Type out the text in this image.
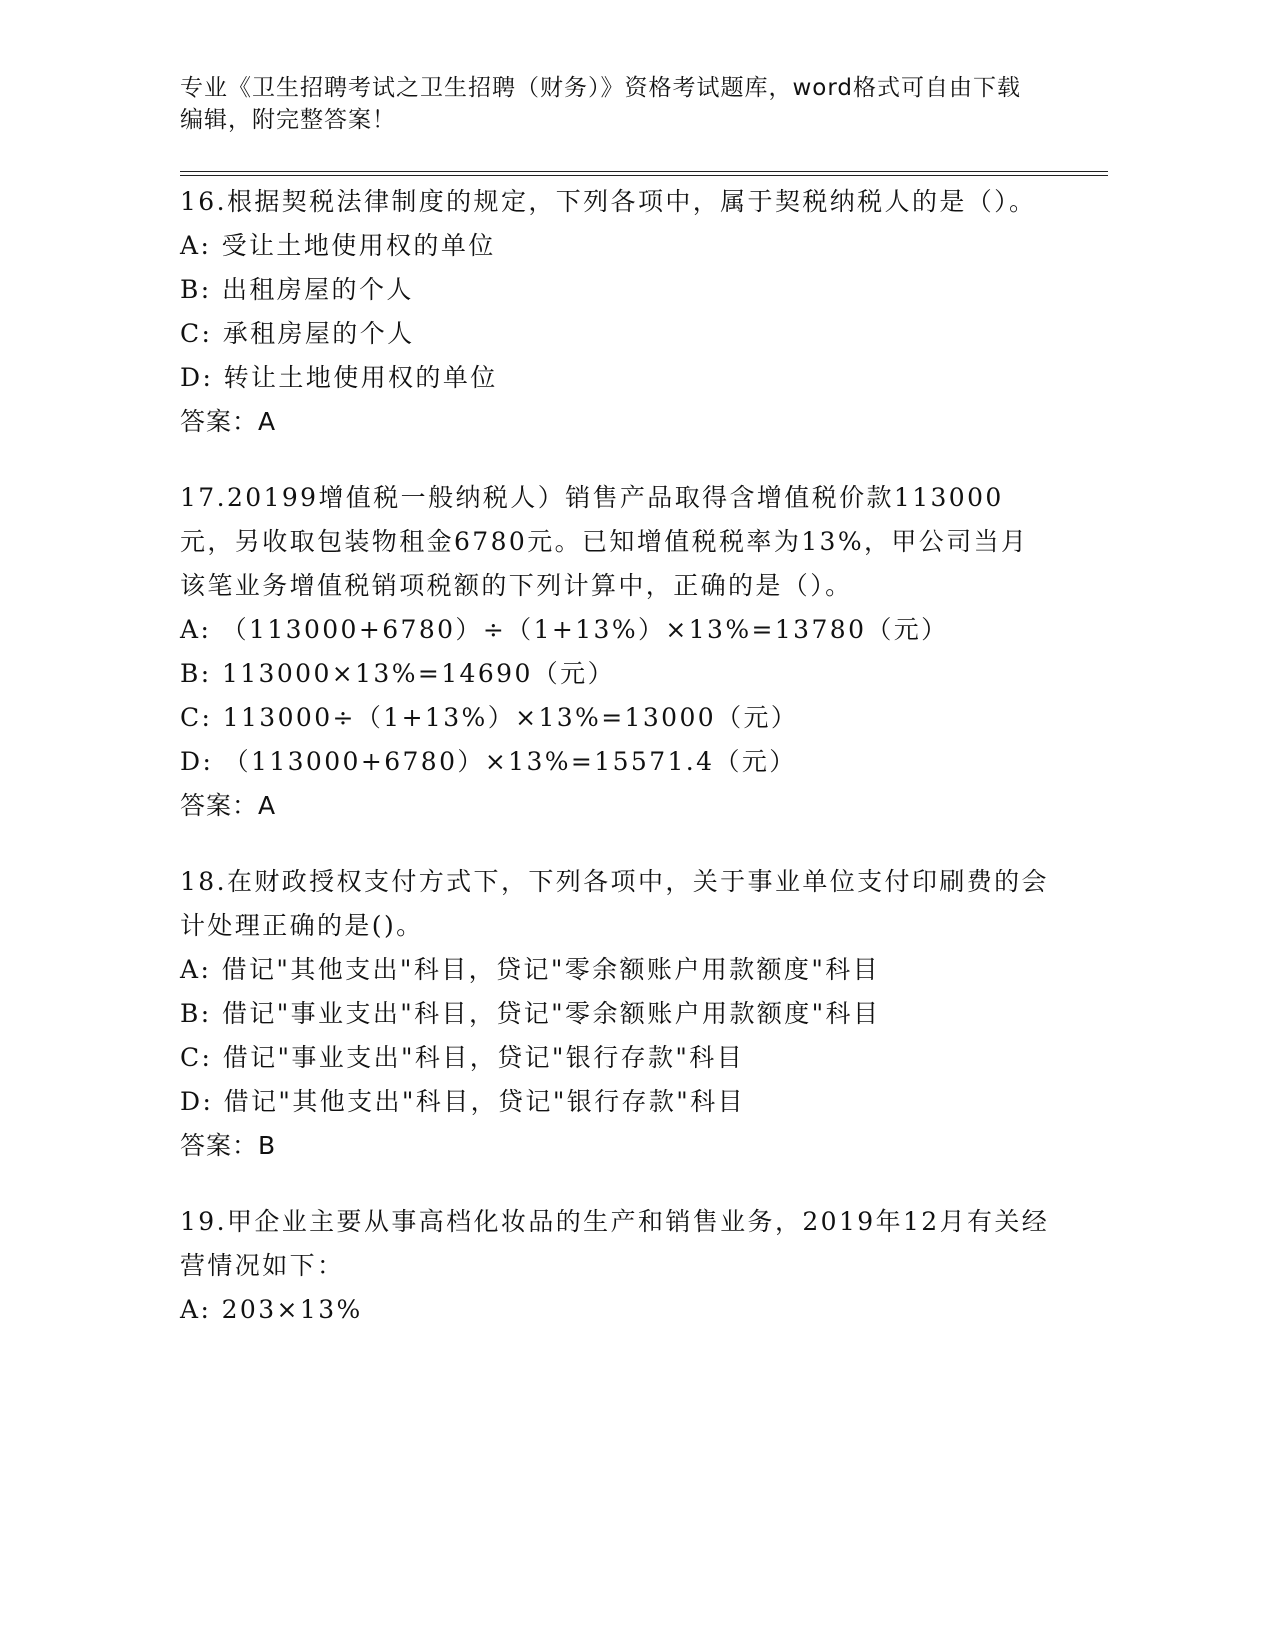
专业《卫生招聘考试之卫生招聘（财务）》资格考试题库，word格式可自由下载编辑，附完整答案！

16.根据契税法律制度的规定，下列各项中，属于契税纳税人的是（）。

A: 受让土地使用权的单位

B: 出租房屋的个人

C: 承租房屋的个人

D: 转让土地使用权的单位

答案：A

17.20199增值税一般纳税人）销售产品取得含增值税价款113000元，另收取包装物租金6780元。已知增值税税率为13%，甲公司当月该笔业务增值税销项税额的下列计算中，正确的是（）。

A: （113000+6780）÷（1+13%）×13%=13780（元）

B: 113000×13%=14690（元）

C: 113000÷（1+13%）×13%=13000（元）

D: （113000+6780）×13%=15571.4（元）

答案：A

18.在财政授权支付方式下，下列各项中，关于事业单位支付印刷费的会计处理正确的是()。

A: 借记"其他支出"科目，贷记"零余额账户用款额度"科目

B: 借记"事业支出"科目，贷记"零余额账户用款额度"科目

C: 借记"事业支出"科目，贷记"银行存款"科目

D: 借记"其他支出"科目，贷记"银行存款"科目

答案：B

19.甲企业主要从事高档化妆品的生产和销售业务，2019年12月有关经营情况如下：

A: 203×13%
